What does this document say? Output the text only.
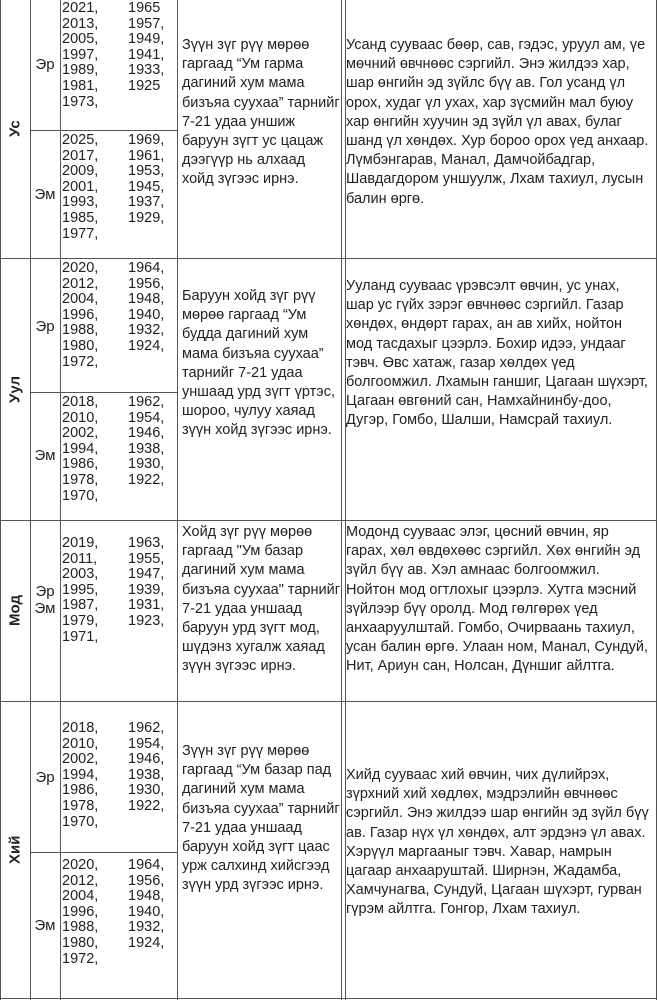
Ус
Уул
Мод
Хий
Эр
Эм
Эр
Эм
Эр
Эм
Эр
Эм
2021, 1965
2013, 1957,
2005, 1949,
1997, 1941,
1989, 1933,
1981, 1925
1973,
2025, 1969,
2017, 1961,
2009, 1953,
2001, 1945,
1993, 1937,
1985, 1929,
1977,
2020, 1964,
2012, 1956,
2004, 1948,
1996, 1940,
1988, 1932,
1980, 1924,
1972,
2018, 1962,
2010, 1954,
2002, 1946,
1994, 1938,
1986, 1930,
1978, 1922,
1970,
2019, 1963,
2011, 1955,
2003, 1947,
1995, 1939,
1987, 1931,
1979, 1923,
1971,
2018, 1962,
2010, 1954,
2002, 1946,
1994, 1938,
1986, 1930,
1978, 1922,
1970,
2020, 1964,
2012, 1956,
2004, 1948,
1996, 1940,
1988, 1932,
1980, 1924,
1972,
Зүүн зүг рүү мөрөө гаргаад “Ум гарма дагиний хум мама бизъяа суухаа” тарнийг 7-21 удаа уншиж баруун зүгт ус цацаж дээгүүр нь алхаад хойд зүгээс ирнэ.
Баруун хойд зүг рүү мөрөө гаргаад “Ум будда дагиний хум мама бизъяа суухаа” тарнийг 7-21 удаа уншаад урд зүгт үртэс, шороо, чулуу хаяад зүүн хойд зүгээс ирнэ.
Хойд зүг рүү мөрөө гаргаад "Ум базар дагиний хум мама бизъяа суухаа" тарнийг 7-21 удаа уншаад баруун урд зүгт мод, шүдэнз хугалж хаяад зүүн зүгээс ирнэ.
Зүүн зүг рүү мөрөө гаргаад “Ум базар пад дагиний хум мама бизъяа суухаа” тарнийг 7-21 удаа уншаад баруун хойд зүгт цаас урж салхинд хийсгээд зүүн урд зүгээс ирнэ.
Усанд сууваас бөөр, сав, гэдэс, уруул ам, үе мөчний өвчнөөс сэргийл. Энэ жилдээ хар, шар өнгийн эд зүйлс бүү ав. Гол усанд үл орох, худаг үл ухах, хар зүсмийн мал буюу хар өнгийн хуучин эд зүйл үл авах, булаг шанд үл хөндөх. Хур бороо орох үед анхаар. Лүмбэнгарав, Манал, Дамчойбадгар, Шавдагдором уншуулж, Лхам тахиул, лусын балин өргө.
Ууланд сууваас үрэвсэлт өвчин, ус унах, шар ус гүйх зэрэг өвчнөөс сэргийл. Газар хөндөх, өндөрт гарах, ан ав хийх, нойтон мод тасдахыг цээрлэ. Бохир идээ, ундааг тэвч. Өвс хатаж, газар хөлдөх үед болгоомжил. Лхамын ганшиг, Цагаан шүхэрт, Цагаан өвгөний сан, Намхайнинбу-доо, Дугэр, Гомбо, Шалши, Намсрай тахиул.
Модонд сууваас элэг, цөсний өвчин, яр гарах, хөл өвдөхөөс сэргийл. Хөх өнгийн эд зүйл бүү ав. Хэл амнаас болгоомжил. Нойтон мод огтлохыг цээрлэ. Хутга мэсний зүйлээр бүү оролд. Мод гөлгөрөх үед анхааруулштай. Гомбо, Очирваань тахиул, усан балин өргө. Улаан ном, Манал, Сундуй, Нит, Ариун сан, Нолсан, Дүншиг айлтга.
Хийд сууваас хий өвчин, чих дүлийрэх, зүрхний хий хөдлөх, мэдрэлийн өвчнөөс сэргийл. Энэ жилдээ шар өнгийн эд зүйл бүү ав. Газар нүх үл хөндөх, алт эрдэнэ үл авах. Хэрүүл маргааныг тэвч. Хавар, намрын цагаар анхааруштай. Ширнэн, Жадамба, Хамчунагва, Сундуй, Цагаан шүхэрт, гурван гүрэм айлтга. Гонгор, Лхам тахиул.
